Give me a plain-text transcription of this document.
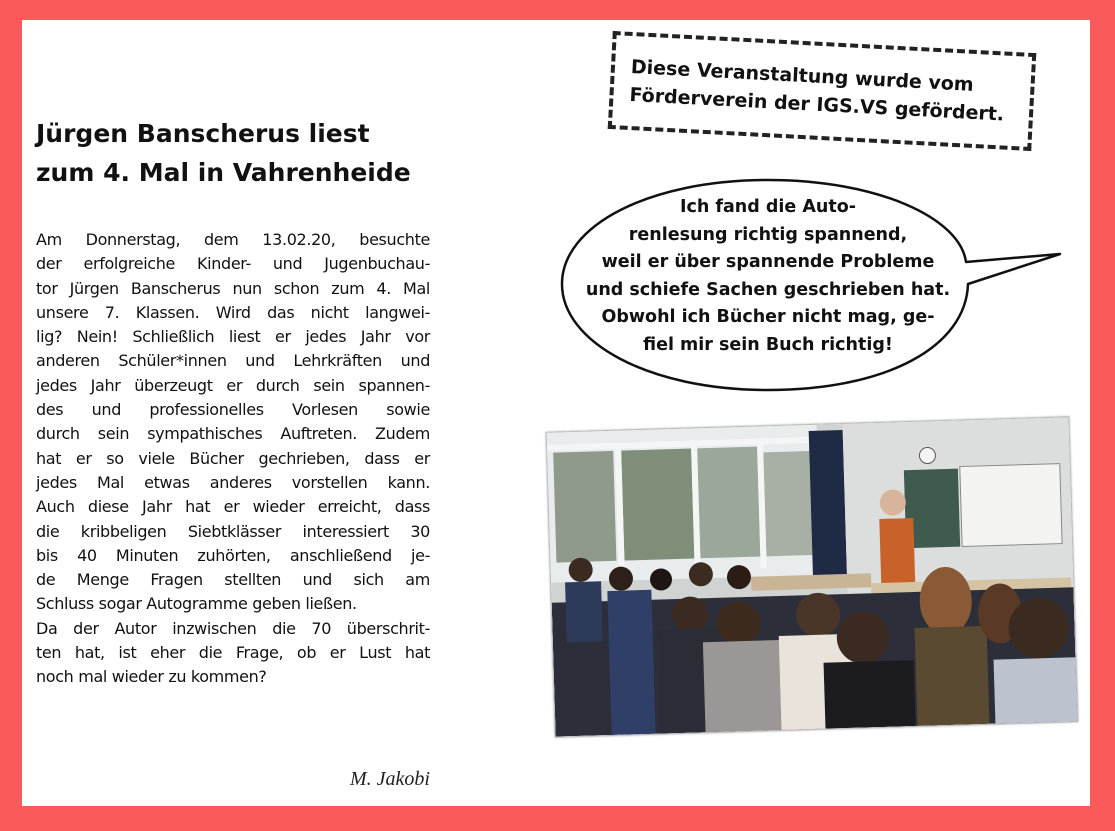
Jürgen Banscherus liest
zum 4. Mal in Vahrenheide
Am Donnerstag, dem 13.02.20, besuchte
der erfolgreiche Kinder- und Jugenbuchau-
tor Jürgen Banscherus nun schon zum 4. Mal
unsere 7. Klassen. Wird das nicht langwei-
lig? Nein! Schließlich liest er jedes Jahr vor
anderen Schüler*innen und Lehrkräften und
jedes Jahr überzeugt er durch sein spannen-
des und professionelles Vorlesen sowie
durch sein sympathisches Auftreten. Zudem
hat er so viele Bücher gechrieben, dass er
jedes Mal etwas anderes vorstellen kann.
Auch diese Jahr hat er wieder erreicht, dass
die kribbeligen Siebtklässer interessiert 30
bis 40 Minuten zuhörten, anschließend je-
de Menge Fragen stellten und sich am
Schluss sogar Autogramme geben ließen.
Da der Autor inzwischen die 70 überschrit-
ten hat, ist eher die Frage, ob er Lust hat
noch mal wieder zu kommen?
M. Jakobi
Diese Veranstaltung wurde vom
Förderverein der IGS.VS gefördert.
Ich fand die Auto-
renlesung richtig spannend,
weil er über spannende Probleme
und schiefe Sachen geschrieben hat.
Obwohl ich Bücher nicht mag, ge-
fiel mir sein Buch richtig!
